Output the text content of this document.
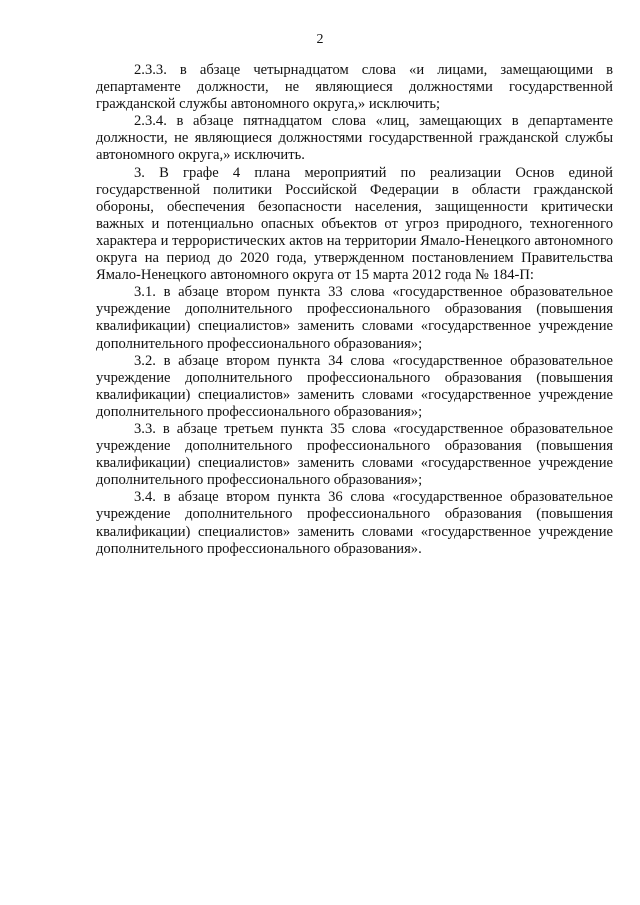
2

2.3.3. в абзаце четырнадцатом слова «и лицами, замещающими в департаменте должности, не являющиеся должностями государственной гражданской службы автономного округа,» исключить;

2.3.4. в абзаце пятнадцатом слова «лиц, замещающих в департаменте должности, не являющиеся должностями государственной гражданской службы автономного округа,» исключить.

3. В графе 4 плана мероприятий по реализации Основ единой государственной политики Российской Федерации в области гражданской обороны, обеспечения безопасности населения, защищенности критически важных и потенциально опасных объектов от угроз природного, техногенного характера и террористических актов на территории Ямало-Ненецкого автономного округа на период до 2020 года, утвержденном постановлением Правительства Ямало-Ненецкого автономного округа от 15 марта 2012 года № 184-П:

3.1. в абзаце втором пункта 33 слова «государственное образовательное учреждение дополнительного профессионального образования (повышения квалификации) специалистов» заменить словами «государственное учреждение дополнительного профессионального образования»;

3.2. в абзаце втором пункта 34 слова «государственное образовательное учреждение дополнительного профессионального образования (повышения квалификации) специалистов» заменить словами «государственное учреждение дополнительного профессионального образования»;

3.3. в абзаце третьем пункта 35 слова «государственное образовательное учреждение дополнительного профессионального образования (повышения квалификации) специалистов» заменить словами «государственное учреждение дополнительного профессионального образования»;

3.4. в абзаце втором пункта 36 слова «государственное образовательное учреждение дополнительного профессионального образования (повышения квалификации) специалистов» заменить словами «государственное учреждение дополнительного профессионального образования».
